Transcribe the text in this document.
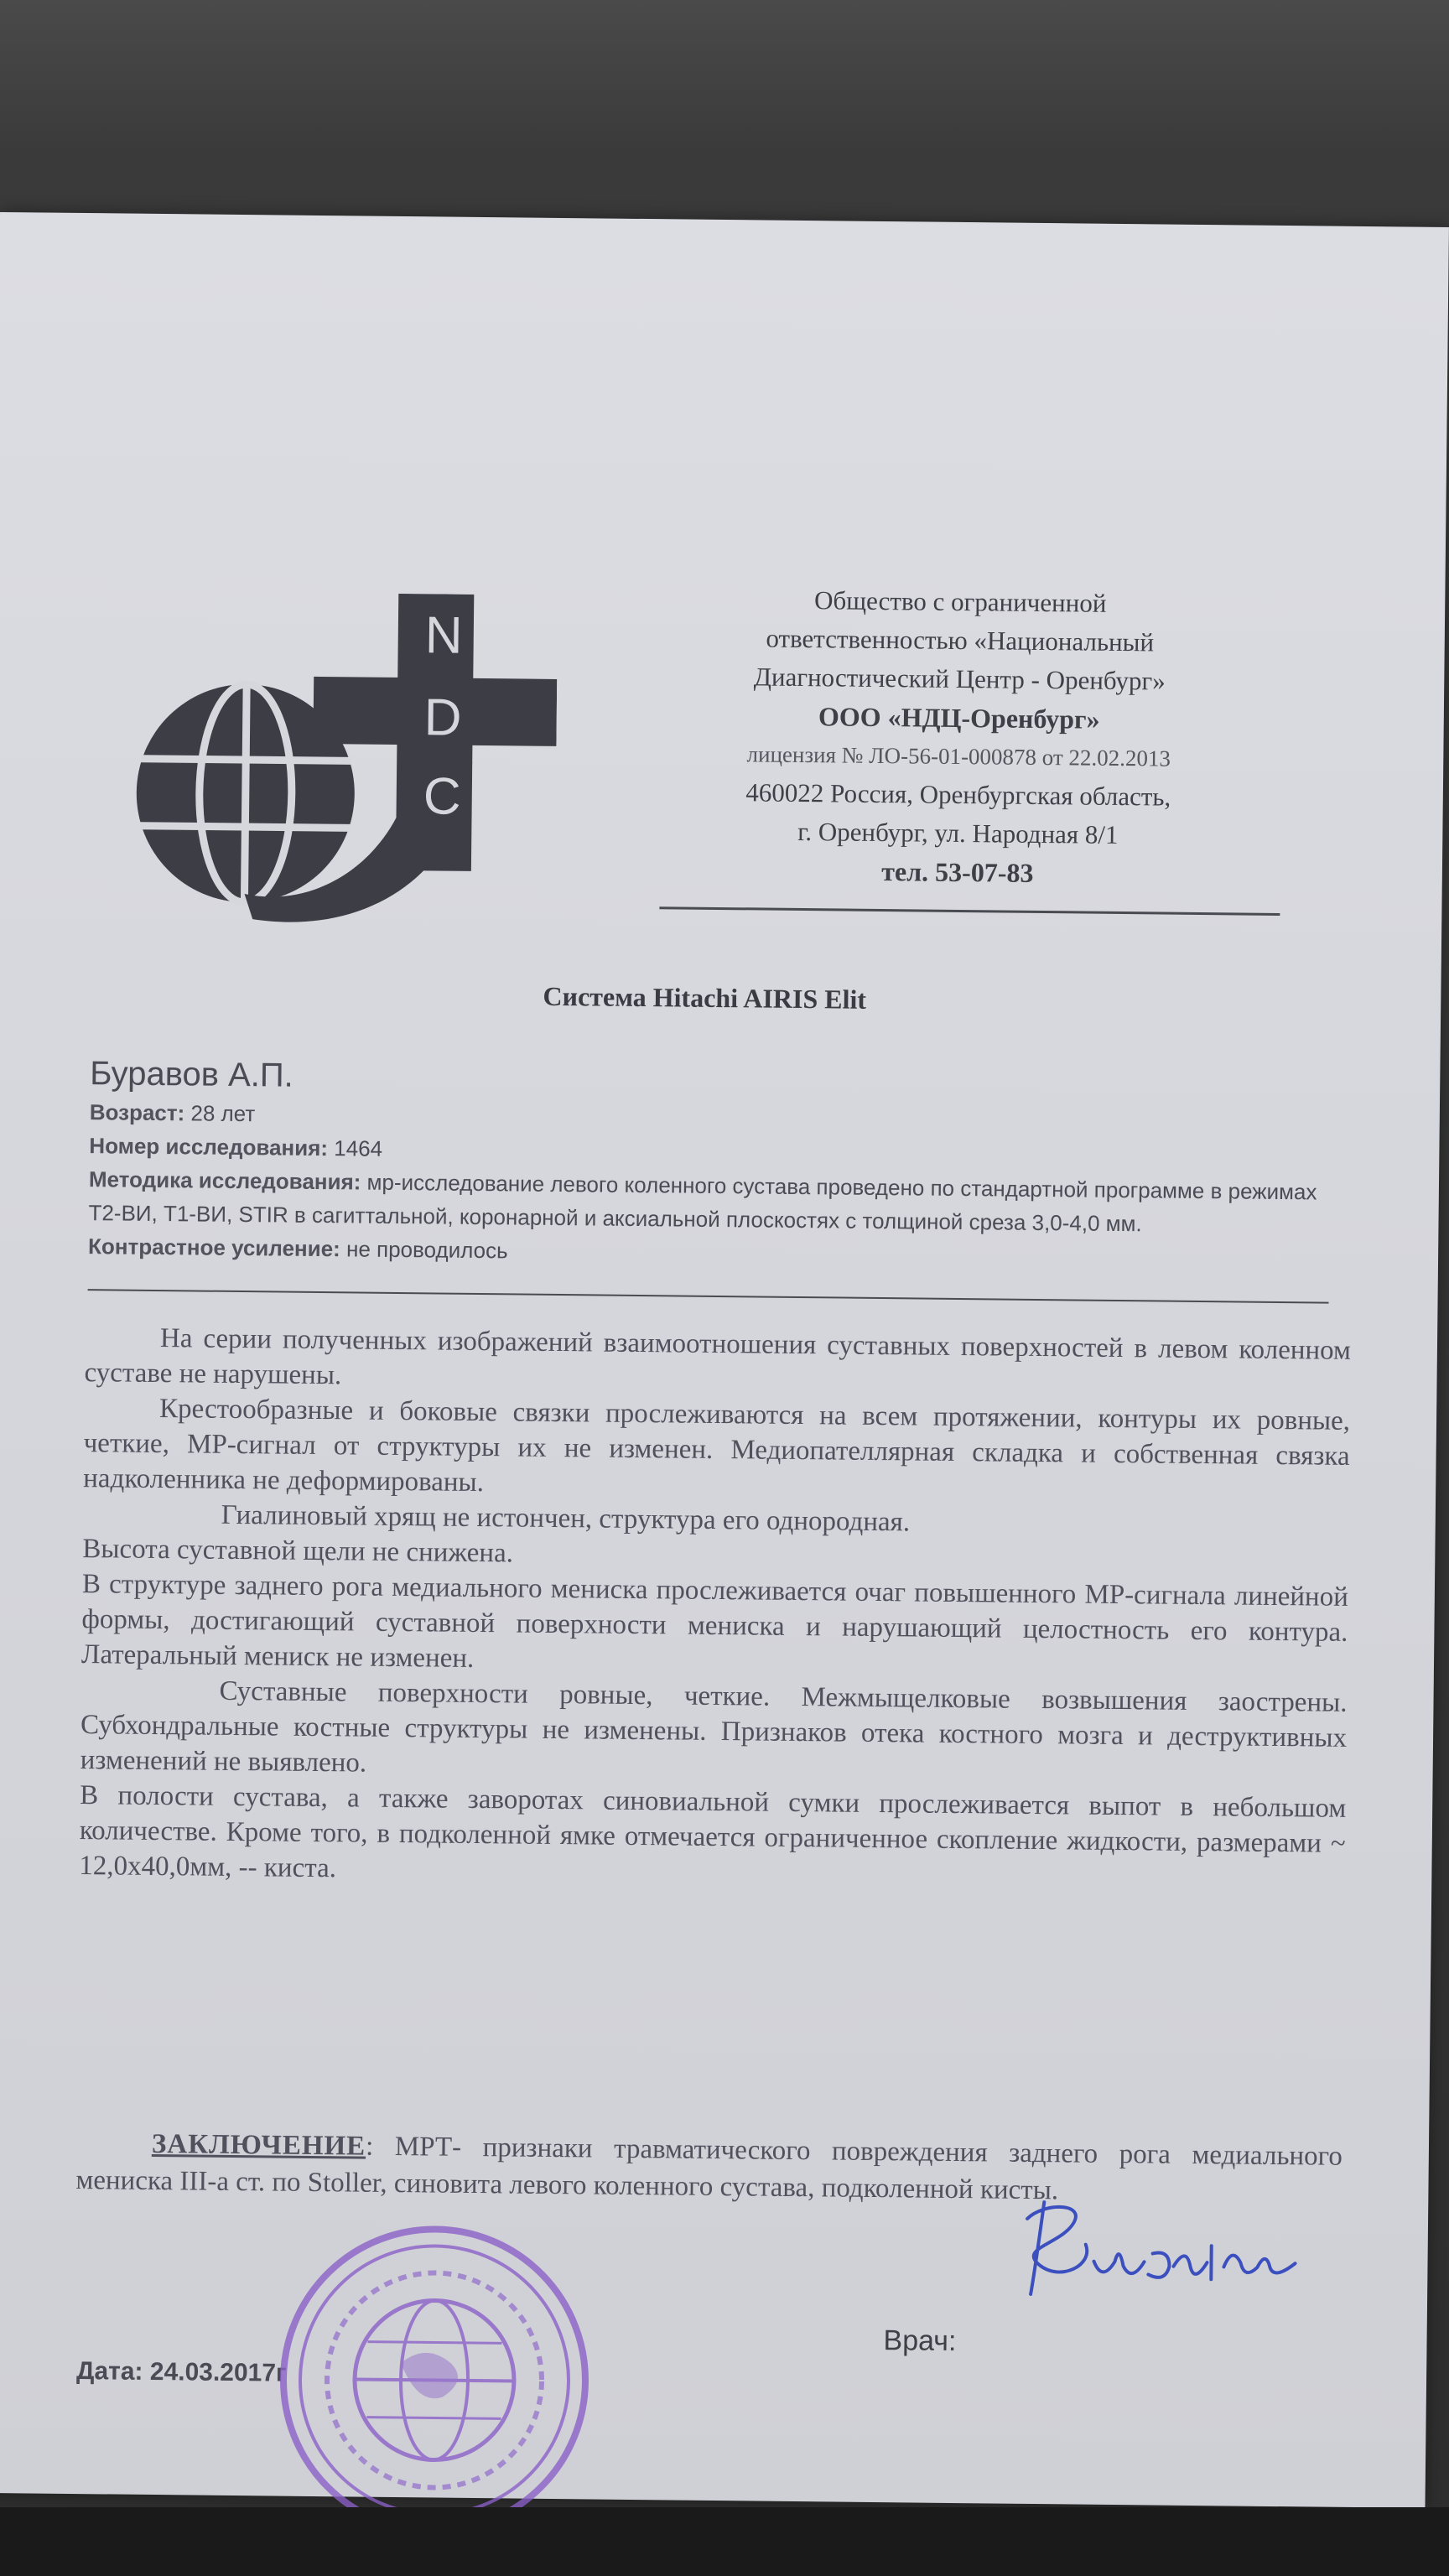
N
D
C
Общество с ограниченной
ответственностью «Национальный
Диагностический Центр - Оренбург»
ООО «НДЦ-Оренбург»
лицензия № ЛО-56-01-000878 от 22.02.2013
460022 Россия, Оренбургская область,
г. Оренбург, ул. Народная 8/1
тел. 53-07-83
Система Hitachi AIRIS Elit
Буравов А.П.
Возраст: 28 лет
Номер исследования: 1464
Методика исследования: мр-исследование левого коленного сустава проведено по стандартной программе в режимах Т2-ВИ, Т1-ВИ, STIR в сагиттальной, коронарной и аксиальной плоскостях с толщиной среза 3,0-4,0 мм.
Контрастное усиление: не проводилось

На серии полученных изображений взаимоотношения суставных поверхностей в левом коленном суставе не нарушены.

Крестообразные и боковые связки прослеживаются на всем протяжении, контуры их ровные, четкие, МР-сигнал от структуры их не изменен. Медиопателлярная складка и собственная связка надколенника не деформированы.

Гиалиновый хрящ не истончен, структура его однородная.

Высота суставной щели не снижена.

В структуре заднего рога медиального мениска прослеживается очаг повышенного МР-сигнала линейной формы, достигающий суставной поверхности мениска и нарушающий целостность его контура. Латеральный мениск не изменен.

Суставные поверхности ровные, четкие. Межмыщелковые возвышения заострены. Субхондральные костные структуры не изменены. Признаков отека костного мозга и деструктивных изменений не выявлено.

В полости сустава, а также заворотах синовиальной сумки прослеживается выпот в небольшом количестве. Кроме того, в подколенной ямке отмечается ограниченное скопление жидкости, размерами ~ 12,0х40,0мм, -- киста.

ЗАКЛЮЧЕНИЕ: МРТ- признаки травматического повреждения заднего рога медиального мениска III-а ст. по Stoller, синовита левого коленного сустава, подколенной кисты.
Дата: 24.03.2017г
Врач:
